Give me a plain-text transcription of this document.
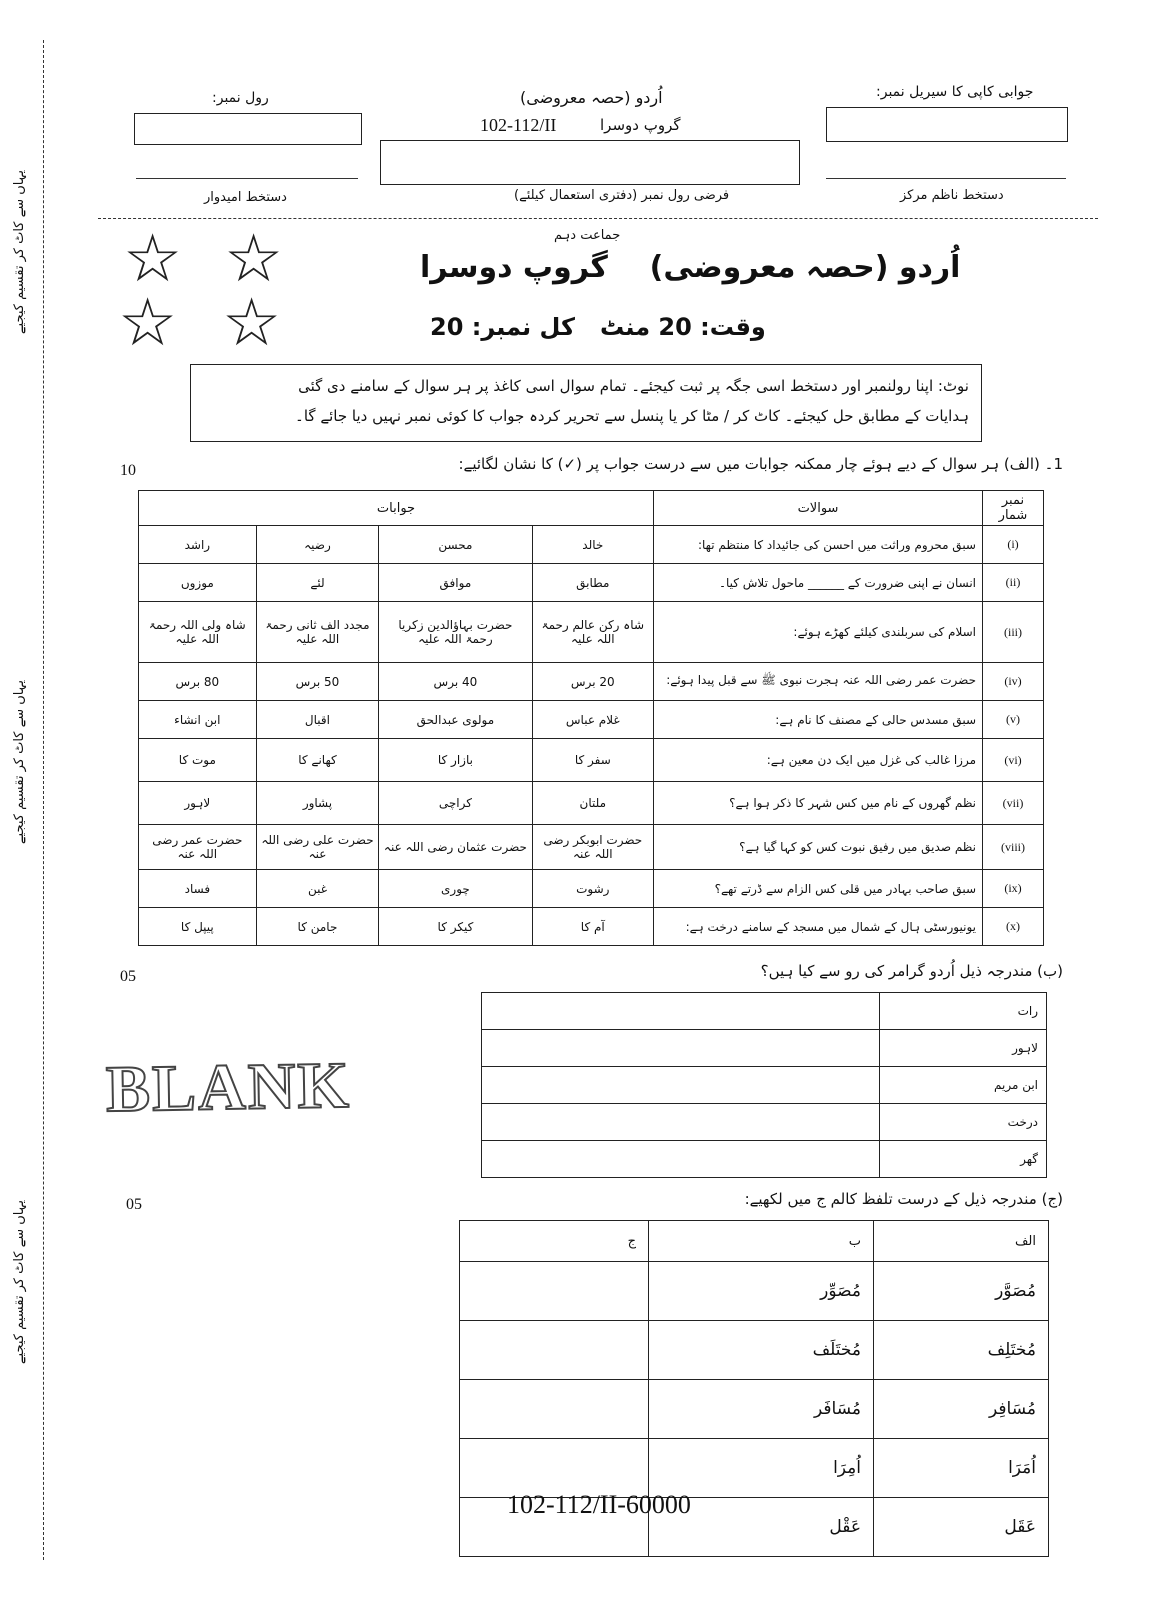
یہاں سے کاٹ کر تقسیم کیجیے
یہاں سے کاٹ کر تقسیم کیجیے
یہاں سے کاٹ کر تقسیم کیجیے
رول نمبر:	اُردو (حصہ معروضی)
102-112/II	گروپ دوسرا
جوابی کاپی کا سیریل نمبر:
دستخط امیدوار	فرضی رول نمبر (دفتری استعمال کیلئے)	دستخط ناظم مرکز
☆ ☆
☆ ☆
جماعت دہم
اُردو (حصہ معروضی)    گروپ دوسرا
وقت: 20 منٹ
کل نمبر: 20
نوٹ: اپنا رولنمبر اور دستخط اسی جگہ پر ثبت کیجئے۔ تمام سوال اسی کاغذ پر ہر سوال کے سامنے دی گئی
ہدایات کے مطابق حل کیجئے۔ کاٹ کر / مٹا کر یا پنسل سے تحریر کردہ جواب کا کوئی نمبر نہیں دیا جائے گا۔
10	1۔ (الف) ہر سوال کے دیے ہوئے چار ممکنہ جوابات میں سے درست جواب پر (✓) کا نشان لگائیے:
نمبر شمار	سوالات	جوابات			
(i)	سبق محروم وراثت میں احسن کی جائیداد کا منتظم تھا:	خالد	محسن	رضیہ	راشد
(ii)	انسان نے اپنی ضرورت کے ______ ماحول تلاش کیا۔	مطابق	موافق	لئے	موزوں
(iii)	اسلام کی سربلندی کیلئے کھڑے ہوئے:	شاہ رکن عالم رحمۃ اللہ علیہ	حضرت بہاؤالدین زکریا رحمۃ اللہ علیہ	مجدد الف ثانی رحمۃ اللہ علیہ	شاہ ولی اللہ رحمۃ اللہ علیہ
(iv)	حضرت عمر رضی اللہ عنہ ہجرت نبوی ﷺ سے قبل پیدا ہوئے:	20 برس	40 برس	50 برس	80 برس
(v)	سبق مسدس حالی کے مصنف کا نام ہے:	غلام عباس	مولوی عبدالحق	اقبال	ابن انشاء
(vi)	مرزا غالب کی غزل میں ایک دن معین ہے:	سفر کا	بازار کا	کھانے کا	موت کا
(vii)	نظم گھروں کے نام میں کس شہر کا ذکر ہوا ہے؟	ملتان	کراچی	پشاور	لاہور
(viii)	نظم صدیق میں رفیق نبوت کس کو کہا گیا ہے؟	حضرت ابوبکر رضی اللہ عنہ	حضرت عثمان رضی اللہ عنہ	حضرت علی رضی اللہ عنہ	حضرت عمر رضی اللہ عنہ
(ix)	سبق صاحب بہادر میں قلی کس الزام سے ڈرتے تھے؟	رشوت	چوری	غبن	فساد
(x)	یونیورسٹی ہال کے شمال میں مسجد کے سامنے درخت ہے:	آم کا	کیکر کا	جامن کا	پیپل کا
05	(ب) مندرجہ ذیل اُردو گرامر کی رو سے کیا ہیں؟
رات	
لاہور	
ابن مریم	
درخت	
گھر	
BLANK
05	(ج) مندرجہ ذیل کے درست تلفظ کالم ج میں لکھیے:
الف	ب	ج
مُصَوَّر	مُصَوِّر	
مُختَلِف	مُختَلَف	
مُسَافِر	مُسَافَر	
اُمَرَا	اُمِرَا	
عَقَل	عَقْل	
102-112/II-60000
